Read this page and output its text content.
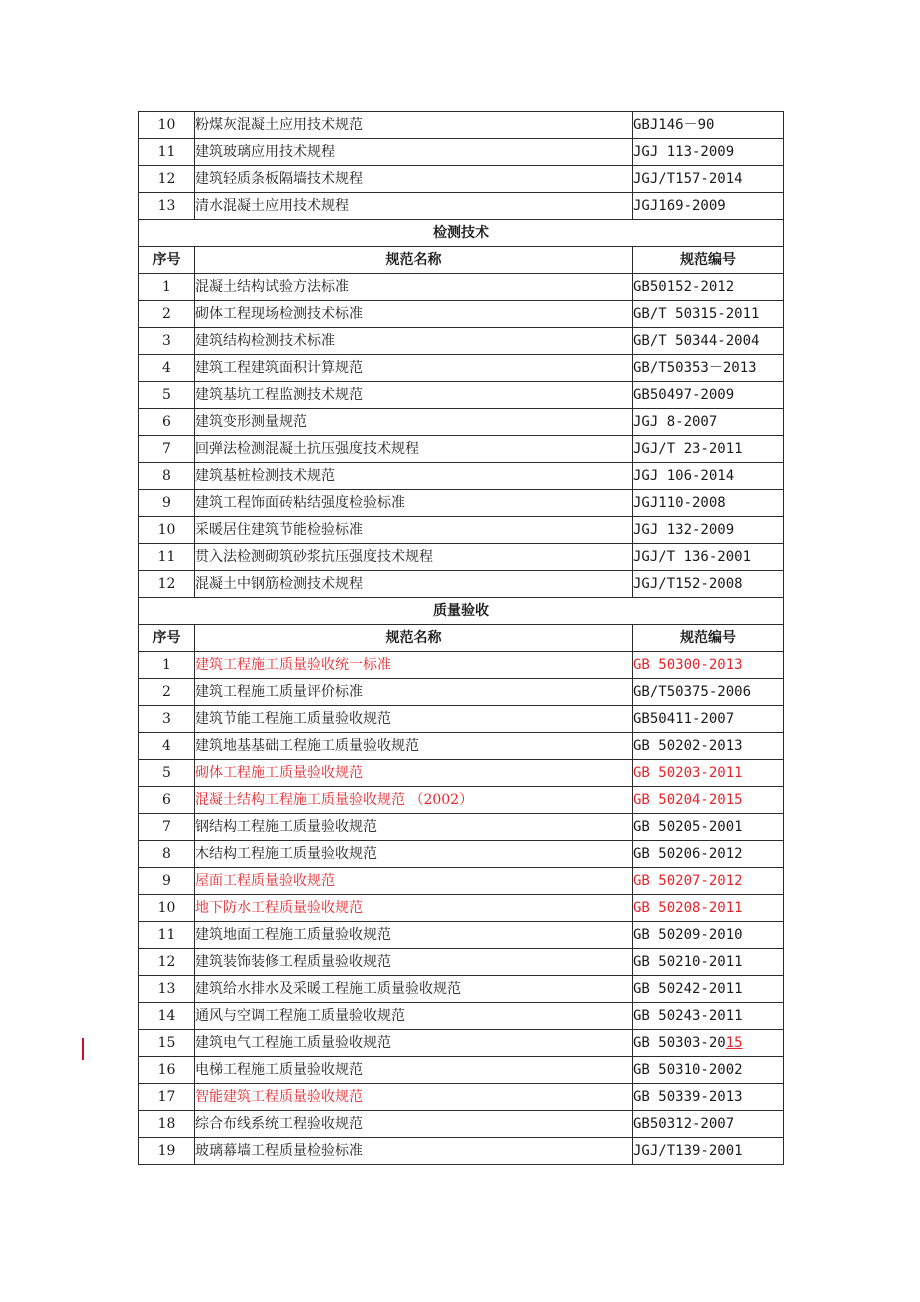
10	粉煤灰混凝土应用技术规范	GBJ146－90
11	建筑玻璃应用技术规程	JGJ 113-2009
12	建筑轻质条板隔墙技术规程	JGJ/T157-2014
13	清水混凝土应用技术规程	JGJ169-2009
检测技术		
序号	规范名称	规范编号
1	混凝土结构试验方法标准	GB50152-2012
2	砌体工程现场检测技术标准	GB/T 50315-2011
3	建筑结构检测技术标准	GB/T 50344-2004
4	建筑工程建筑面积计算规范	GB/T50353－2013
5	建筑基坑工程监测技术规范	GB50497-2009
6	建筑变形测量规范	JGJ 8-2007
7	回弹法检测混凝土抗压强度技术规程	JGJ/T 23-2011
8	建筑基桩检测技术规范	JGJ 106-2014
9	建筑工程饰面砖粘结强度检验标准	JGJ110-2008
10	采暖居住建筑节能检验标准	JGJ 132-2009
11	贯入法检测砌筑砂浆抗压强度技术规程	JGJ/T 136-2001
12	混凝土中钢筋检测技术规程	JGJ/T152-2008
质量验收		
序号	规范名称	规范编号
1	建筑工程施工质量验收统一标准	GB 50300-2013
2	建筑工程施工质量评价标准	GB/T50375-2006
3	建筑节能工程施工质量验收规范	GB50411-2007
4	建筑地基基础工程施工质量验收规范	GB 50202-2013
5	砌体工程施工质量验收规范	GB 50203-2011
6	混凝土结构工程施工质量验收规范 （2002）	GB 50204-2015
7	钢结构工程施工质量验收规范	GB 50205-2001
8	木结构工程施工质量验收规范	GB 50206-2012
9	屋面工程质量验收规范	GB 50207-2012
10	地下防水工程质量验收规范	GB 50208-2011
11	建筑地面工程施工质量验收规范	GB 50209-2010
12	建筑装饰装修工程质量验收规范	GB 50210-2011
13	建筑给水排水及采暖工程施工质量验收规范	GB 50242-2011
14	通风与空调工程施工质量验收规范	GB 50243-2011
15	建筑电气工程施工质量验收规范	GB 50303-2015
16	电梯工程施工质量验收规范	GB 50310-2002
17	智能建筑工程质量验收规范	GB 50339-2013
18	综合布线系统工程验收规范	GB50312-2007
19	玻璃幕墙工程质量检验标准	JGJ/T139-2001
